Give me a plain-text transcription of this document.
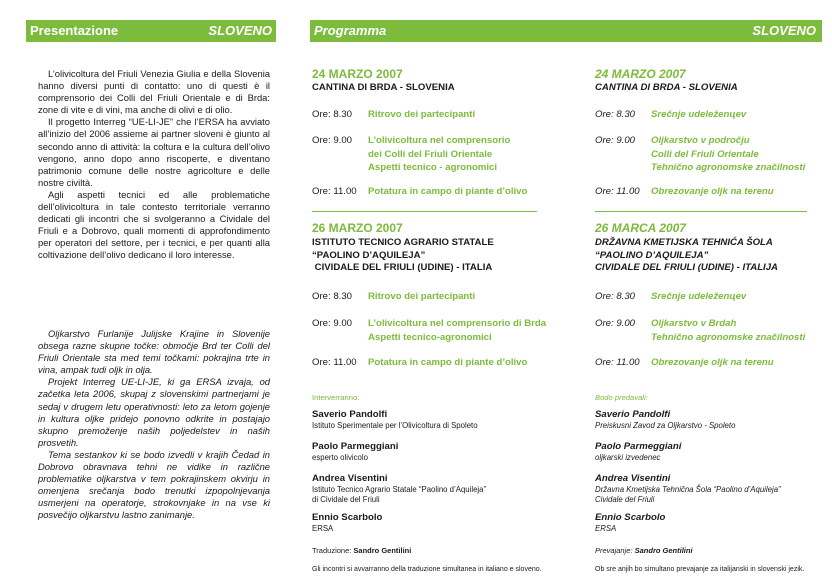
Presentazione	SLOVENO	Programma	SLOVENO

L’olivicoltura del Friuli Venezia Giulia e della Slovenia hanno diversi punti di contatto: uno di questi è il comprensorio dei Colli del Friuli Orientale e di Brda: zone di vite e di vini, ma anche di olivi e di olio.

Il progetto Interreg “UE-LI-JE” che l’ERSA ha avviato all’inizio del 2006 assieme ai partner sloveni è giunto al secondo anno di attività: la coltura e la cultura dell’olivo vengono, anno dopo anno riscoperte, e diventano patrimonio comune delle nostre agricolture e delle nostre civiltà.

Agli aspetti tecnici ed alle problematiche dell’olivicoltura in tale contesto territoriale verranno dedicati gli incontri che si svolgeranno a Cividale del Friuli e a Dobrovo, quali momenti di approfondimento per operatori del settore, per i tecnici, e per quanti alla coltivazione dell’olivo dedicano il loro interesse.

Oljkarstvo Furlanije Julijske Krajine in Slovenije obsega razne skupne točke: območje Brd ter Colli del Friuli Orientale sta med temi točkami: pokrajina trte in vina, ampak tudi oljk in olja.

Projekt Interreg UE-LI-JE, ki ga ERSA izvaja, od začetka leta 2006, skupaj z slovenskimi partnerjami je sedaj v drugem letu operativnosti: leto za letom gojenje in kultura oljke pridejo ponovno odkrite in postajajo skupno premoženje naših poljedelstev in naših prosvetih.

Tema sestankov ki se bodo izvedli v krajih Čedad in Dobrovo obravnava tehni ne vidike in različne problematike oljkarstva v tem pokrajinskem okvirju in omenjena srečanja bodo trenutki izpopolnjevanja usmerjeni na operatorje, strokovnjake in na vse ki posvečijo oljkarstvu lastno zanimanje.

24 MARZO 2007
CANTINA DI BRDA - SLOVENIA
Ore: 8.30	Ritrovo dei partecipanti
Ore: 9.00	L’olivicoltura nel comprensorio
dei Colli del Friuli Orientale
Aspetti tecnico - agronomici
Ore: 11.00	Potatura in campo di piante d’olivo
26 MARZO 2007
ISTITUTO TECNICO AGRARIO STATALE
“PAOLINO D’AQUILEJA”
CIVIDALE DEL FRIULI (UDINE) - ITALIA
Ore: 8.30	Ritrovo dei partecipanti
Ore: 9.00	L’olivicoltura nel comprensorio di Brda
Aspetti tecnico-agronomici
Ore: 11.00	Potatura in campo di piante d’olivo
Interverranno:
Saverio Pandolfi
Istituto Sperimentale per l’Olivicoltura di Spoleto
Paolo Parmeggiani
esperto olivicolo
Andrea Visentini
Istituto Tecnico Agrario Statale “Paolino d’Aquileja”
di Cividale del Friuli
Ennio Scarbolo
ERSA
Traduzione: Sandro Gentilini
Gli incontri si avvarranno della traduzione simultanea in italiano e sloveno.
24 MARZO 2007
CANTINA DI BRDA - SLOVENIA
Ore: 8.30	Srečnje udeleženцev
Ore: 9.00	Oljkarstvo v področju
Colli del Friuli Orientale
Tehnično agronomske značilnosti
Ore: 11.00	Obrezovanje oljk na terenu
26 MARCA 2007
DRŽAVNA KMETIJSKA TEHNIĆA ŠOLA
“PAOLINO D’AQUILEJA”
CIVIDALE DEL FRIULI (UDINE) - ITALIJA
Ore: 8.30	Srečnje udeleženцev
Ore: 9.00	Oljkarstvo v Brdah
Tehnično agronomske značilnosti
Ore: 11.00	Obrezovanje oljk na terenu
Bodo predavali:
Saverio Pandolfi
Preiskusni Zavod za Oljkarstvo - Spoleto
Paolo Parmeggiani
oljkarski izvedenec
Andrea Visentini
Državna Kmetijska Tehnična Šola “Paolino d’Aquileja”
Cividale del Friuli
Ennio Scarbolo
ERSA
Prevajanje: Sandro Gentilini
Ob sre anjih bo simultano prevajanje za italijanski in slovenski jezik.
